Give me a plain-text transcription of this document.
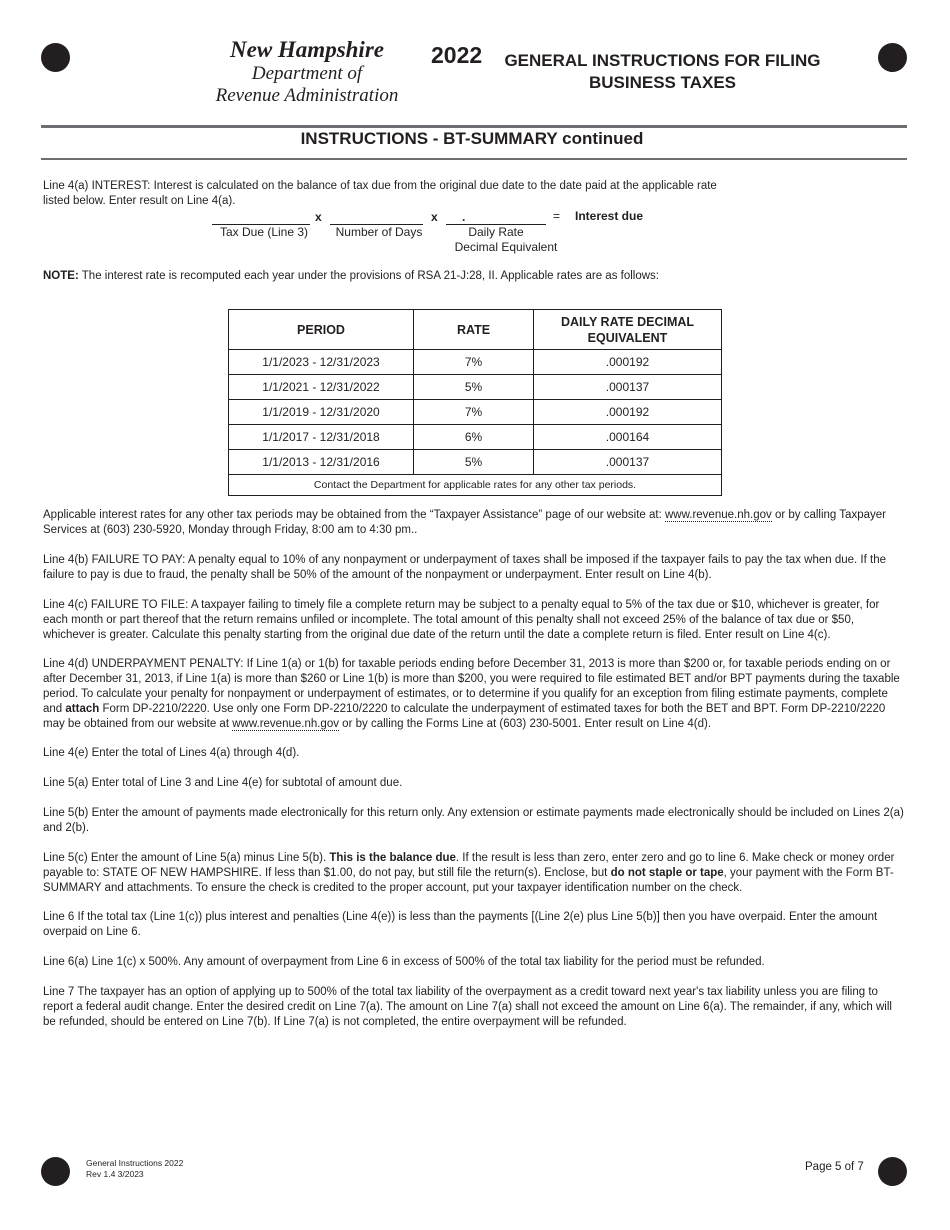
New Hampshire
Department of
Revenue Administration
2022 GENERAL INSTRUCTIONS FOR FILING
BUSINESS TAXES
INSTRUCTIONS - BT-SUMMARY continued
Line 4(a) INTEREST: Interest is calculated on the balance of tax due from the original due date to the date paid at the applicable rate listed below. Enter result on Line 4(a).
x	x .	= Interest due
Tax Due (Line 3)	Number of Days	Daily Rate
Decimal Equivalent
NOTE: The interest rate is recomputed each year under the provisions of RSA 21-J:28, II. Applicable rates are as follows:
PERIOD	RATE	DAILY RATE DECIMAL EQUIVALENT

1/1/2023 - 12/31/2023	7%	.000192
1/1/2021 - 12/31/2022	5%	.000137
1/1/2019 - 12/31/2020	7%	.000192
1/1/2017 - 12/31/2018	6%	.000164
1/1/2013 - 12/31/2016	5%	.000137
Contact the Department for applicable rates for any other tax periods.		
Applicable interest rates for any other tax periods may be obtained from the “Taxpayer Assistance” page of our website at: www.revenue.nh.gov or by calling Taxpayer Services at (603) 230-5920, Monday through Friday, 8:00 am to 4:30 pm..
Line 4(b) FAILURE TO PAY: A penalty equal to 10% of any nonpayment or underpayment of taxes shall be imposed if the taxpayer fails to pay the tax when due. If the failure to pay is due to fraud, the penalty shall be 50% of the amount of the nonpayment or underpayment. Enter result on Line 4(b).
Line 4(c) FAILURE TO FILE: A taxpayer failing to timely file a complete return may be subject to a penalty equal to 5% of the tax due or $10, whichever is greater, for each month or part thereof that the return remains unfiled or incomplete. The total amount of this penalty shall not exceed 25% of the balance of tax due or $50, whichever is greater. Calculate this penalty starting from the original due date of the return until the date a complete return is filed. Enter result on Line 4(c).
Line 4(d) UNDERPAYMENT PENALTY: If Line 1(a) or 1(b) for taxable periods ending before December 31, 2013 is more than $200 or, for taxable periods ending on or after December 31, 2013, if Line 1(a) is more than $260 or Line 1(b) is more than $200, you were required to file estimated BET and/or BPT payments during the taxable period. To calculate your penalty for nonpayment or underpayment of estimates, or to determine if you qualify for an exception from filing estimate payments, complete and attach Form DP-2210/2220. Use only one Form DP-2210/2220 to calculate the underpayment of estimated taxes for both the BET and BPT. Form DP-2210/2220 may be obtained from our website at www.revenue.nh.gov or by calling the Forms Line at (603) 230-5001. Enter result on Line 4(d).
Line 4(e) Enter the total of Lines 4(a) through 4(d).
Line 5(a) Enter total of Line 3 and Line 4(e) for subtotal of amount due.
Line 5(b) Enter the amount of payments made electronically for this return only. Any extension or estimate payments made electronically should be included on Lines 2(a) and 2(b).
Line 5(c) Enter the amount of Line 5(a) minus Line 5(b). This is the balance due. If the result is less than zero, enter zero and go to line 6. Make check or money order payable to: STATE OF NEW HAMPSHIRE. If less than $1.00, do not pay, but still file the return(s). Enclose, but do not staple or tape, your payment with the Form BT-SUMMARY and attachments. To ensure the check is credited to the proper account, put your taxpayer identification number on the check.
Line 6 If the total tax (Line 1(c)) plus interest and penalties (Line 4(e)) is less than the payments [(Line 2(e) plus Line 5(b)] then you have overpaid. Enter the amount overpaid on Line 6.
Line 6(a) Line 1(c) x 500%. Any amount of overpayment from Line 6 in excess of 500% of the total tax liability for the period must be refunded.
Line 7 The taxpayer has an option of applying up to 500% of the total tax liability of the overpayment as a credit toward next year's tax liability unless you are filing to report a federal audit change. Enter the desired credit on Line 7(a). The amount on Line 7(a) shall not exceed the amount on Line 6(a). The remainder, if any, which will be refunded, should be entered on Line 7(b). If Line 7(a) is not completed, the entire overpayment will be refunded.
General Instructions 2022
Rev 1.4 3/2023
Page 5 of 7
